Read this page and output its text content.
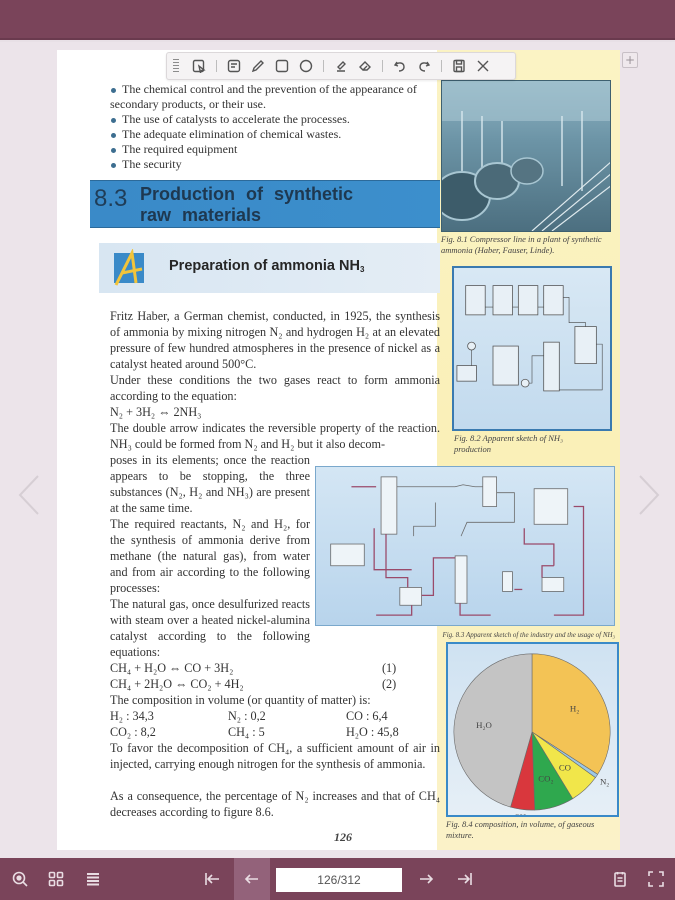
+
The chemical control and the prevention of the appearance of
secondary products, or their use.
The use of catalysts to accelerate the processes.
The adequate elimination of chemical wastes.
The required equipment
The security
8.3 Production of synthetic
raw materials
Preparation of ammonia $NH_3$
Fritz Haber, a German chemist, conducted, in 1925, the synthesis of ammonia by mixing nitrogen N₂ and hydrogen H₂ at an elevated pressure of few hundred atmospheres in the presence of nickel as a catalyst heated around 500°C.
Under these conditions the two gases react to form ammonia according to the equation:
N₂ + 3H₂ ⇔ 2NH₃
The double arrow indicates the reversible property of the reaction. NH₃ could be formed from N₂ and H₂ but it also decom-
poses in its elements; once the reaction appears to be stopping, the three substances (N₂, H₂ and NH₃) are present at the same time.
The required reactants, N₂ and H₂, for the synthesis of ammonia derive from methane (the natural gas), from water and from air according to the following processes:
The natural gas, once desulfurized reacts with steam over a heated nickel-alumina catalyst according to the following equations:
CH₄ + H₂O ⇔ CO + 3H₂	(1)
CH₄ + 2H₂O ⇔ CO₂ + 4H₂	(2)
The composition in volume (or quantity of matter) is:
H₂ : 34,3	N₂ : 0,2	CO : 6,4
CO₂ : 8,2	CH₄ : 5	H₂O : 45,8
To favor the decomposition of CH₄, a sufficient amount of air in injected, carrying enough nitrogen for the synthesis of ammonia.
As a consequence, the percentage of N₂ increases and that of CH₄ decreases according to figure 8.6.
126
Fig. 8.1 Compressor line in a plant of synthetic ammonia (Haber, Fauser, Linde).
Fig. 8.2 Apparent sketch of NH₃ production
Fig. 8.3 Apparent sketch of the industry and the usage of NH₃
H₂
N₂
CO
CO₂
H₂O
Fig. 8.4 composition, in volume, of gaseous mixture.
126/312
